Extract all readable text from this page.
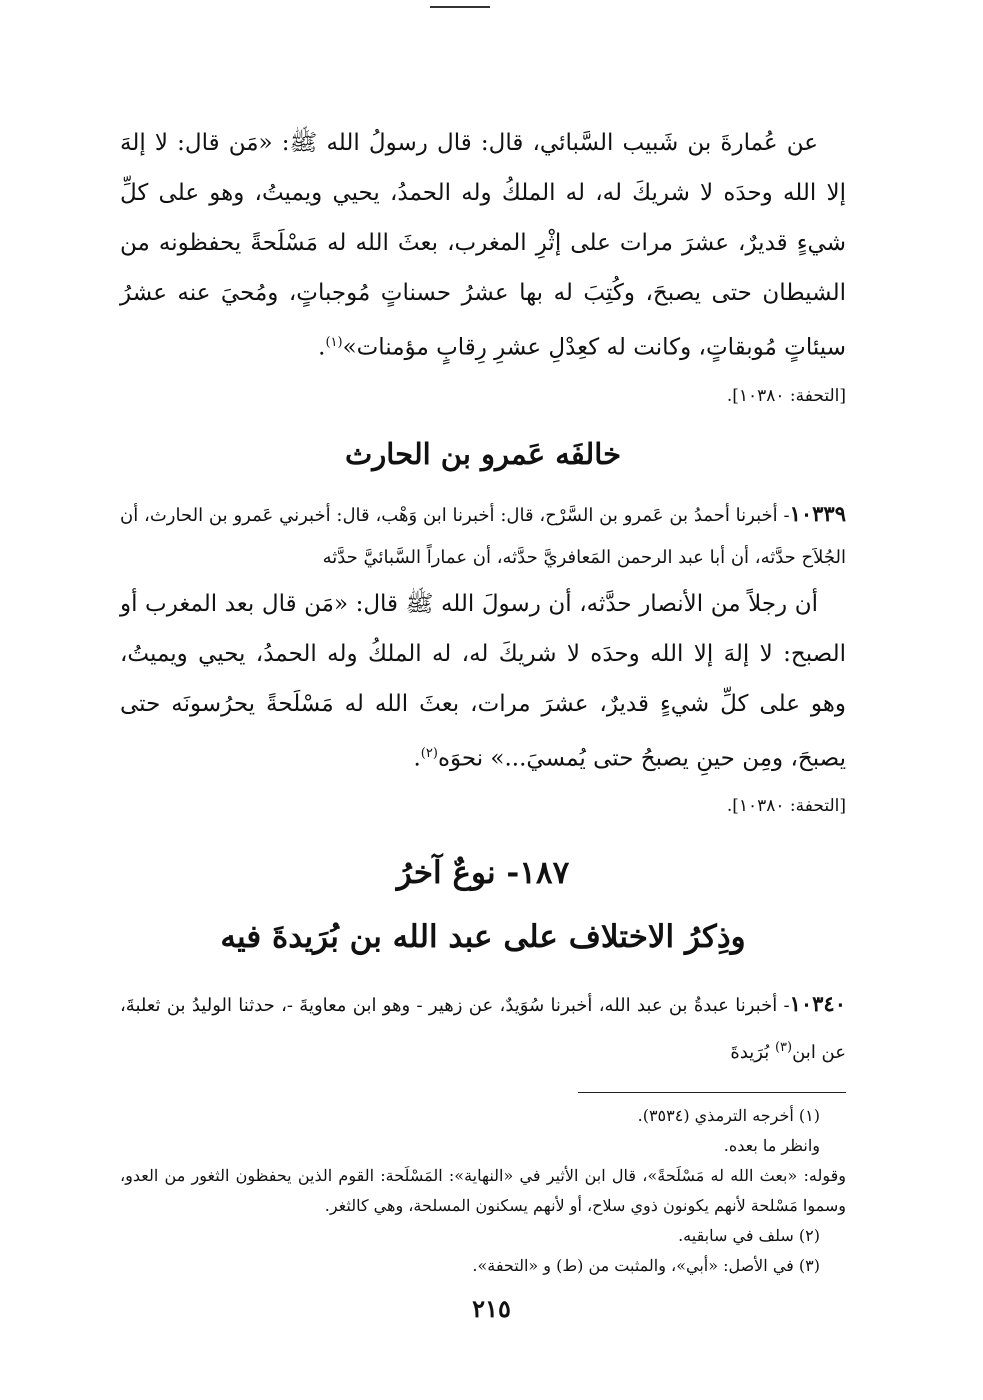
عن عُمارةَ بن شَبيب السَّبائي، قال: قال رسولُ الله ﷺ: «مَن قال: لا إلهَ إلا الله وحدَه لا شريكَ له، له الملكُ وله الحمدُ، يحيي ويميتُ، وهو على كلِّ شيءٍ قديرٌ، عشرَ مرات على إثْرِ المغرب، بعثَ الله له مَسْلَحةً يحفظونه من الشيطان حتى يصبحَ، وكُتِبَ له بها عشرُ حسناتٍ مُوجباتٍ، ومُحيَ عنه عشرُ سيئاتٍ مُوبقاتٍ، وكانت له كعِدْلِ عشرِ رِقابٍ مؤمنات»$^{(١)}$.

[التحفة: ١٠٣٨٠].

خالفَه عَمرو بن الحارث

١٠٣٣٩- أخبرنا أحمدُ بن عَمرو بن السَّرْح، قال: أخبرنا ابن وَهْب، قال: أخبرني عَمرو بن الحارث، أن الجُلاَح حدَّثه، أن أبا عبد الرحمن المَعافريَّ حدَّثه، أن عماراً السَّبائيَّ حدَّثه

أن رجلاً من الأنصار حدَّثه، أن رسولَ الله ﷺ قال: «مَن قال بعد المغرب أو الصبح: لا إلهَ إلا الله وحدَه لا شريكَ له، له الملكُ وله الحمدُ، يحيي ويميتُ، وهو على كلِّ شيءٍ قديرٌ، عشرَ مرات، بعثَ الله له مَسْلَحةً يحرُسونَه حتى يصبحَ، ومِن حينِ يصبحُ حتى يُمسيَ...» نحوَه$^{(٢)}$.

[التحفة: ١٠٣٨٠].

١٨٧- نوعٌ آخرُ
وذِكرُ الاختلاف على عبد الله بن بُرَيدةَ فيه

١٠٣٤٠- أخبرنا عبدةُ بن عبد الله، أخبرنا سُوَيدٌ، عن زهير - وهو ابن معاويةَ -، حدثنا الوليدُ بن ثعلبةَ، عن ابن$^{(٣)}$ بُرَيدةَ

(١) أخرجه الترمذي (٣٥٣٤).

وانظر ما بعده.

وقوله: «بعث الله له مَسْلَحةً»، قال ابن الأثير في «النهاية»: المَسْلَحة: القوم الذين يحفظون الثغور من العدو، وسموا مَسْلحة لأنهم يكونون ذوي سلاح، أو لأنهم يسكنون المسلحة، وهي كالثغر.

(٢) سلف في سابقيه.

(٣) في الأصل: «أبي»، والمثبت من (ط) و «التحفة».

٢١٥
